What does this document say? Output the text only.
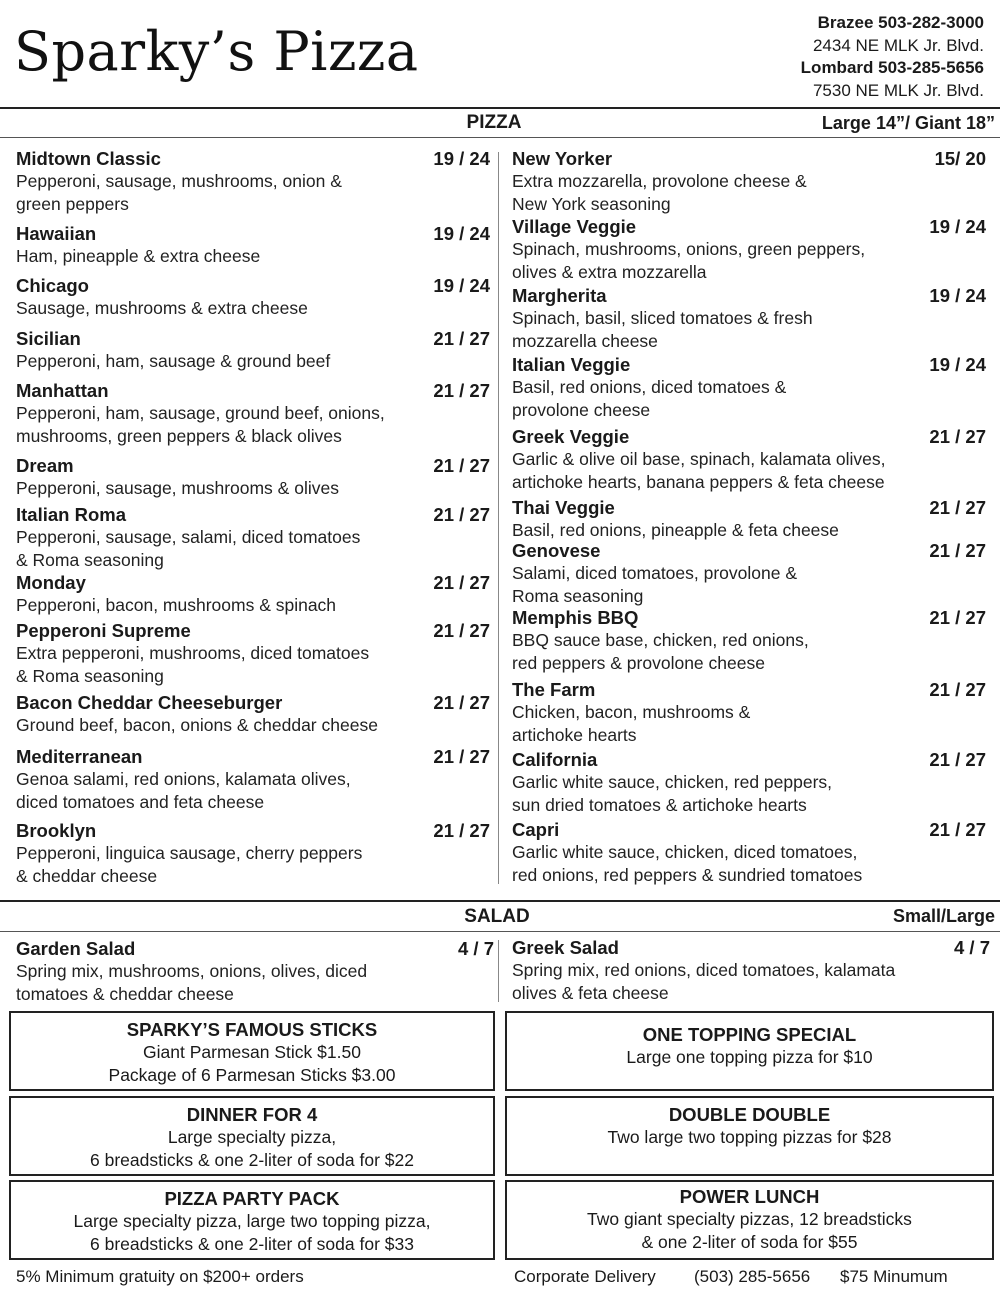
Sparky’s Pizza	Brazee 503-282-3000
2434 NE MLK Jr. Blvd.
Lombard 503-285-5656
7530 NE MLK Jr. Blvd.
PIZZA	Large 14”/ Giant 18”
Midtown Classic	19 / 24
Pepperoni, sausage, mushrooms, onion &
green peppers
Hawaiian	19 / 24
Ham, pineapple & extra cheese
Chicago	19 / 24
Sausage, mushrooms & extra cheese
Sicilian	21 / 27
Pepperoni, ham, sausage & ground beef
Manhattan	21 / 27
Pepperoni, ham, sausage, ground beef, onions,
mushrooms, green peppers & black olives
Dream	21 / 27
Pepperoni, sausage, mushrooms & olives
Italian Roma	21 / 27
Pepperoni, sausage, salami, diced tomatoes
& Roma seasoning
Monday	21 / 27
Pepperoni, bacon, mushrooms & spinach
Pepperoni Supreme	21 / 27
Extra pepperoni, mushrooms, diced tomatoes
& Roma seasoning
Bacon Cheddar Cheeseburger	21 / 27
Ground beef, bacon, onions & cheddar cheese
Mediterranean	21 / 27
Genoa salami, red onions, kalamata olives,
diced tomatoes and feta cheese
Brooklyn	21 / 27
Pepperoni, linguica sausage, cherry peppers
& cheddar cheese
New Yorker	15/ 20
Extra mozzarella, provolone cheese &
New York seasoning
Village Veggie	19 / 24
Spinach, mushrooms, onions, green peppers,
olives & extra mozzarella
Margherita	19 / 24
Spinach, basil, sliced tomatoes & fresh
mozzarella cheese
Italian Veggie	19 / 24
Basil, red onions, diced tomatoes &
provolone cheese
Greek Veggie	21 / 27
Garlic & olive oil base, spinach, kalamata olives,
artichoke hearts, banana peppers & feta cheese
Thai Veggie	21 / 27
Basil, red onions, pineapple & feta cheese
Genovese	21 / 27
Salami, diced tomatoes, provolone &
Roma seasoning
Memphis BBQ	21 / 27
BBQ sauce base, chicken, red onions,
red peppers & provolone cheese
The Farm	21 / 27
Chicken, bacon, mushrooms &
artichoke hearts
California	21 / 27
Garlic white sauce, chicken, red peppers,
sun dried tomatoes & artichoke hearts
Capri	21 / 27
Garlic white sauce, chicken, diced tomatoes,
red onions, red peppers & sundried tomatoes
SALAD	Small/Large
Garden Salad	4 / 7
Spring mix, mushrooms, onions, olives, diced
tomatoes & cheddar cheese
Greek Salad	4 / 7
Spring mix, red onions, diced tomatoes, kalamata
olives & feta cheese
SPARKY’S FAMOUS STICKS
Giant Parmesan Stick $1.50
Package of 6 Parmesan Sticks $3.00
ONE TOPPING SPECIAL
Large one topping pizza for $10
DINNER FOR 4
Large specialty pizza,
6 breadsticks & one 2-liter of soda for $22
DOUBLE DOUBLE
Two large two topping pizzas for $28
PIZZA PARTY PACK
Large specialty pizza, large two topping pizza,
6 breadsticks & one 2-liter of soda for $33
POWER LUNCH
Two giant specialty pizzas, 12 breadsticks
& one 2-liter of soda for $55
5% Minimum gratuity on $200+ orders	Corporate Delivery (503) 285-5656 $75 Minumum
